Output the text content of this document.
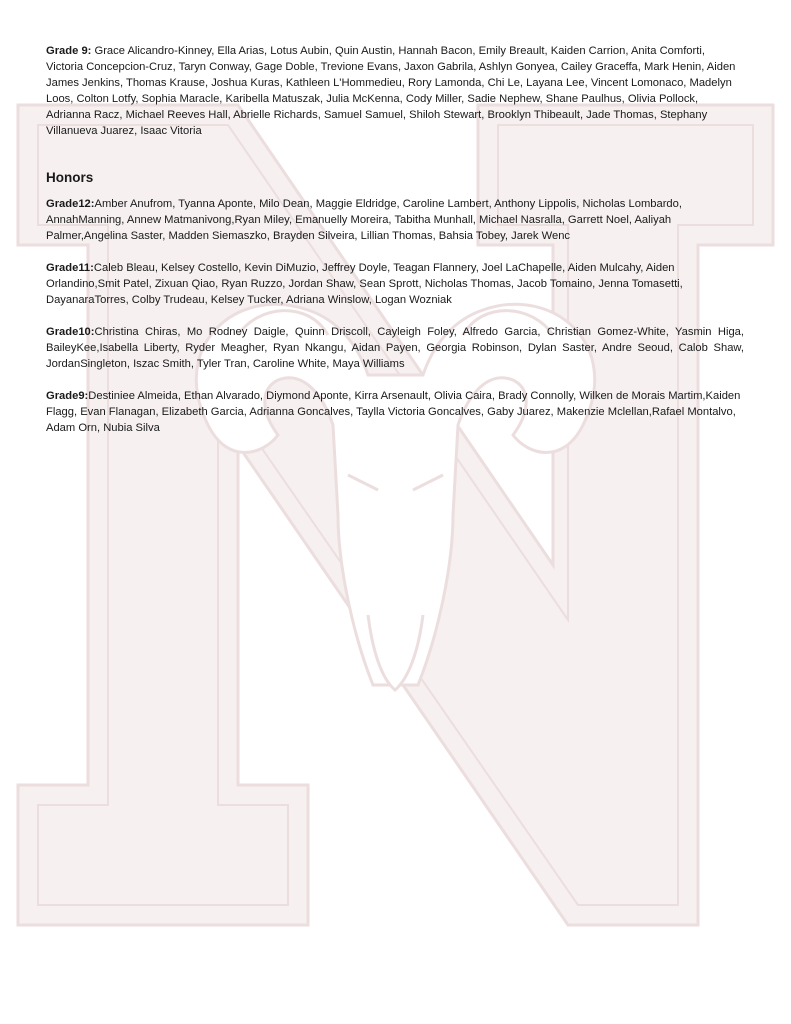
Grade 9: Grace Alicandro-Kinney, Ella Arias, Lotus Aubin, Quin Austin, Hannah Bacon, Emily Breault, Kaiden Carrion, Anita Comforti, Victoria Concepcion-Cruz, Taryn Conway, Gage Doble, Trevione Evans, Jaxon Gabrila, Ashlyn Gonyea, Cailey Graceffa, Mark Henin, Aiden James Jenkins, Thomas Krause, Joshua Kuras, Kathleen L'Hommedieu, Rory Lamonda, Chi Le, Layana Lee, Vincent Lomonaco, Madelyn Loos, Colton Lotfy, Sophia Maracle, Karibella Matuszak, Julia McKenna, Cody Miller, Sadie Nephew, Shane Paulhus, Olivia Pollock, Adrianna Racz, Michael Reeves Hall, Abrielle Richards, Samuel Samuel, Shiloh Stewart, Brooklyn Thibeault, Jade Thomas, Stephany Villanueva Juarez, Isaac Vitoria

Honors

Grade12:Amber Anufrom, Tyanna Aponte, Milo Dean, Maggie Eldridge, Caroline Lambert, Anthony Lippolis, Nicholas Lombardo, AnnahManning, Annew Matmanivong,Ryan Miley, Emanuelly Moreira, Tabitha Munhall, Michael Nasralla, Garrett Noel, Aaliyah Palmer,Angelina Saster, Madden Siemaszko, Brayden Silveira, Lillian Thomas, Bahsia Tobey, Jarek Wenc

Grade11:Caleb Bleau, Kelsey Costello, Kevin DiMuzio, Jeffrey Doyle, Teagan Flannery, Joel LaChapelle, Aiden Mulcahy, Aiden Orlandino,Smit Patel, Zixuan Qiao, Ryan Ruzzo, Jordan Shaw, Sean Sprott, Nicholas Thomas, Jacob Tomaino, Jenna Tomasetti, DayanaraTorres, Colby Trudeau, Kelsey Tucker, Adriana Winslow, Logan Wozniak

Grade10:Christina Chiras, Mo Rodney Daigle, Quinn Driscoll, Cayleigh Foley, Alfredo Garcia, Christian Gomez-White, Yasmin Higa, BaileyKee,Isabella Liberty, Ryder Meagher, Ryan Nkangu, Aidan Payen, Georgia Robinson, Dylan Saster, Andre Seoud, Calob Shaw, JordanSingleton, Iszac Smith, Tyler Tran, Caroline White, Maya Williams

Grade9:Destiniee Almeida, Ethan Alvarado, Diymond Aponte, Kirra Arsenault, Olivia Caira, Brady Connolly, Wilken de Morais Martim,Kaiden Flagg, Evan Flanagan, Elizabeth Garcia, Adrianna Goncalves, Taylla Victoria Goncalves, Gaby Juarez, Makenzie Mclellan,Rafael Montalvo, Adam Orn, Nubia Silva
